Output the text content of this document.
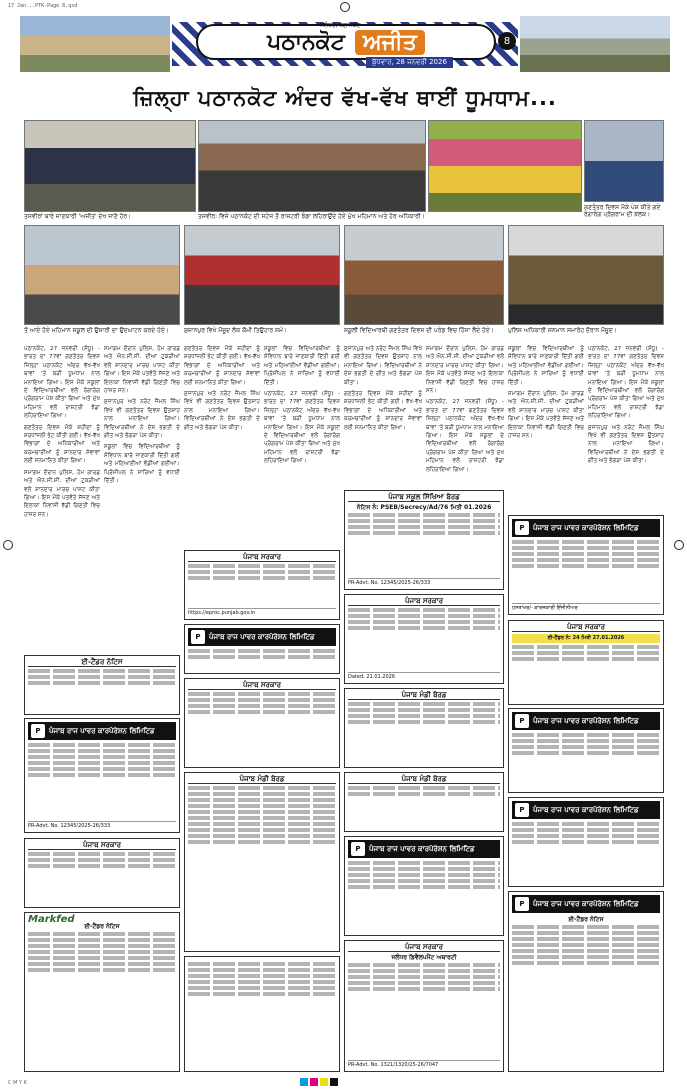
17 Jan...PTK-Page 8.qxd
ਪਠਾਨਕੋਟ ਅਜੀਤ
ਜਲੰਧਰ, ਪਠਾਨਕੋਟ
ਬੁੱਧਵਾਰ, 28 ਜਨਵਰੀ 2026
8
ਜ਼ਿਲ੍ਹਾ ਪਠਾਨਕੋਟ ਅੰਦਰ ਵੱਖ-ਵੱਖ ਥਾਈਂ ਧੂਮਧਾਮ...
ਤਸਵੀਰਾਂ ਬਾਰੇ ਜਾਣਕਾਰੀ 'ਅਜੀਤ' ਦੇਖ ਜਾਣੋ ਹੋਰ।	ਤਸਵੀਰ: ਵਿਜੇ ਪਠਾਨਕੋਟ ਦੀ ਸਟੇਜ ਤੋਂ ਰਾਸ਼ਟਰੀ ਝੰਡਾ ਲਹਿਰਾਉਂਦੇ ਹੋਏ ਮੁੱਖ ਮਹਿਮਾਨ ਅਤੇ ਹੋਰ ਅਧਿਕਾਰੀ।
ਗਣਤੰਤਰ ਦਿਵਸ ਮੌਕੇ ਪੇਸ਼ ਕੀਤੇ ਗਏ ਰੰਗਾਰੰਗ ਪ੍ਰੋਗਰਾਮ ਦੀ ਝਲਕ।
ਤੋਂ ਆਏ ਹੋਏ ਮਹਿਮਾਨ ਸਕੂਲ ਦੀ ਉਸਾਰੀ ਦਾ ਉਦਘਾਟਨ ਕਰਦੇ ਹੋਏ।	ਸੁਜਾਨਪੁਰ ਵਿਖੇ ਮੌਜੂਦ ਲੋਕ ਕੌਮੀ ਤਿਉਹਾਰ ਸਮੇਂ।	ਸਕੂਲੀ ਵਿਦਿਆਰਥੀ ਗਣਤੰਤਰ ਦਿਵਸ ਦੀ ਪਰੇਡ ਵਿਚ ਹਿੱਸਾ ਲੈਂਦੇ ਹੋਏ।	ਪੁਲਿਸ ਅਧਿਕਾਰੀ ਸਨਮਾਨ ਸਮਾਰੋਹ ਦੌਰਾਨ ਮੌਜੂਦ।

ਪਠਾਨਕੋਟ, 27 ਜਨਵਰੀ (ਸੰਧੂ) - ਭਾਰਤ ਦਾ 77ਵਾਂ ਗਣਤੰਤਰ ਦਿਵਸ ਜ਼ਿਲ੍ਹਾ ਪਠਾਨਕੋਟ ਅੰਦਰ ਵੱਖ-ਵੱਖ ਥਾਵਾਂ 'ਤੇ ਬੜੀ ਧੂਮਧਾਮ ਨਾਲ ਮਨਾਇਆ ਗਿਆ। ਇਸ ਮੌਕੇ ਸਕੂਲਾਂ ਦੇ ਵਿਦਿਆਰਥੀਆਂ ਵਲੋਂ ਰੰਗਾਰੰਗ ਪ੍ਰੋਗਰਾਮ ਪੇਸ਼ ਕੀਤਾ ਗਿਆ ਅਤੇ ਮੁੱਖ ਮਹਿਮਾਨ ਵਲੋਂ ਰਾਸ਼ਟਰੀ ਝੰਡਾ ਲਹਿਰਾਇਆ ਗਿਆ।

ਗਣਤੰਤਰ ਦਿਵਸ ਮੌਕੇ ਸ਼ਹੀਦਾਂ ਨੂੰ ਸ਼ਰਧਾਂਜਲੀ ਭੇਟ ਕੀਤੀ ਗਈ। ਵੱਖ-ਵੱਖ ਵਿਭਾਗਾਂ ਦੇ ਅਧਿਕਾਰੀਆਂ ਅਤੇ ਕਰਮਚਾਰੀਆਂ ਨੂੰ ਸ਼ਾਨਦਾਰ ਸੇਵਾਵਾਂ ਲਈ ਸਨਮਾਨਿਤ ਕੀਤਾ ਗਿਆ।

ਸਮਾਗਮ ਦੌਰਾਨ ਪੁਲਿਸ, ਹੋਮ ਗਾਰਡ ਅਤੇ ਐਨ.ਸੀ.ਸੀ. ਦੀਆਂ ਟੁਕੜੀਆਂ ਵਲੋਂ ਸ਼ਾਨਦਾਰ ਮਾਰਚ ਪਾਸਟ ਕੀਤਾ ਗਿਆ। ਇਸ ਮੌਕੇ ਪਤਵੰਤੇ ਸੱਜਣ ਅਤੇ ਇਲਾਕਾ ਨਿਵਾਸੀ ਵੱਡੀ ਗਿਣਤੀ ਵਿਚ ਹਾਜ਼ਰ ਸਨ।

ਸਮਾਗਮ ਦੌਰਾਨ ਪੁਲਿਸ, ਹੋਮ ਗਾਰਡ ਅਤੇ ਐਨ.ਸੀ.ਸੀ. ਦੀਆਂ ਟੁਕੜੀਆਂ ਵਲੋਂ ਸ਼ਾਨਦਾਰ ਮਾਰਚ ਪਾਸਟ ਕੀਤਾ ਗਿਆ। ਇਸ ਮੌਕੇ ਪਤਵੰਤੇ ਸੱਜਣ ਅਤੇ ਇਲਾਕਾ ਨਿਵਾਸੀ ਵੱਡੀ ਗਿਣਤੀ ਵਿਚ ਹਾਜ਼ਰ ਸਨ।

ਸੁਜਾਨਪੁਰ ਅਤੇ ਨਰੋਟ ਜੈਮਲ ਸਿੰਘ ਵਿਖੇ ਵੀ ਗਣਤੰਤਰ ਦਿਵਸ ਉਤਸ਼ਾਹ ਨਾਲ ਮਨਾਇਆ ਗਿਆ। ਵਿਦਿਆਰਥੀਆਂ ਨੇ ਦੇਸ਼ ਭਗਤੀ ਦੇ ਗੀਤ ਅਤੇ ਭੰਗੜਾ ਪੇਸ਼ ਕੀਤਾ।

ਸਕੂਲਾਂ ਵਿਚ ਵਿਦਿਆਰਥੀਆਂ ਨੂੰ ਸੰਵਿਧਾਨ ਬਾਰੇ ਜਾਣਕਾਰੀ ਦਿੱਤੀ ਗਈ ਅਤੇ ਮਠਿਆਈਆਂ ਵੰਡੀਆਂ ਗਈਆਂ। ਪ੍ਰਿੰਸੀਪਲ ਨੇ ਸਾਰਿਆਂ ਨੂੰ ਵਧਾਈ ਦਿੱਤੀ।

ਗਣਤੰਤਰ ਦਿਵਸ ਮੌਕੇ ਸ਼ਹੀਦਾਂ ਨੂੰ ਸ਼ਰਧਾਂਜਲੀ ਭੇਟ ਕੀਤੀ ਗਈ। ਵੱਖ-ਵੱਖ ਵਿਭਾਗਾਂ ਦੇ ਅਧਿਕਾਰੀਆਂ ਅਤੇ ਕਰਮਚਾਰੀਆਂ ਨੂੰ ਸ਼ਾਨਦਾਰ ਸੇਵਾਵਾਂ ਲਈ ਸਨਮਾਨਿਤ ਕੀਤਾ ਗਿਆ।

ਸੁਜਾਨਪੁਰ ਅਤੇ ਨਰੋਟ ਜੈਮਲ ਸਿੰਘ ਵਿਖੇ ਵੀ ਗਣਤੰਤਰ ਦਿਵਸ ਉਤਸ਼ਾਹ ਨਾਲ ਮਨਾਇਆ ਗਿਆ। ਵਿਦਿਆਰਥੀਆਂ ਨੇ ਦੇਸ਼ ਭਗਤੀ ਦੇ ਗੀਤ ਅਤੇ ਭੰਗੜਾ ਪੇਸ਼ ਕੀਤਾ।

ਸਕੂਲਾਂ ਵਿਚ ਵਿਦਿਆਰਥੀਆਂ ਨੂੰ ਸੰਵਿਧਾਨ ਬਾਰੇ ਜਾਣਕਾਰੀ ਦਿੱਤੀ ਗਈ ਅਤੇ ਮਠਿਆਈਆਂ ਵੰਡੀਆਂ ਗਈਆਂ। ਪ੍ਰਿੰਸੀਪਲ ਨੇ ਸਾਰਿਆਂ ਨੂੰ ਵਧਾਈ ਦਿੱਤੀ।

ਪਠਾਨਕੋਟ, 27 ਜਨਵਰੀ (ਸੰਧੂ) - ਭਾਰਤ ਦਾ 77ਵਾਂ ਗਣਤੰਤਰ ਦਿਵਸ ਜ਼ਿਲ੍ਹਾ ਪਠਾਨਕੋਟ ਅੰਦਰ ਵੱਖ-ਵੱਖ ਥਾਵਾਂ 'ਤੇ ਬੜੀ ਧੂਮਧਾਮ ਨਾਲ ਮਨਾਇਆ ਗਿਆ। ਇਸ ਮੌਕੇ ਸਕੂਲਾਂ ਦੇ ਵਿਦਿਆਰਥੀਆਂ ਵਲੋਂ ਰੰਗਾਰੰਗ ਪ੍ਰੋਗਰਾਮ ਪੇਸ਼ ਕੀਤਾ ਗਿਆ ਅਤੇ ਮੁੱਖ ਮਹਿਮਾਨ ਵਲੋਂ ਰਾਸ਼ਟਰੀ ਝੰਡਾ ਲਹਿਰਾਇਆ ਗਿਆ।

ਸੁਜਾਨਪੁਰ ਅਤੇ ਨਰੋਟ ਜੈਮਲ ਸਿੰਘ ਵਿਖੇ ਵੀ ਗਣਤੰਤਰ ਦਿਵਸ ਉਤਸ਼ਾਹ ਨਾਲ ਮਨਾਇਆ ਗਿਆ। ਵਿਦਿਆਰਥੀਆਂ ਨੇ ਦੇਸ਼ ਭਗਤੀ ਦੇ ਗੀਤ ਅਤੇ ਭੰਗੜਾ ਪੇਸ਼ ਕੀਤਾ।

ਗਣਤੰਤਰ ਦਿਵਸ ਮੌਕੇ ਸ਼ਹੀਦਾਂ ਨੂੰ ਸ਼ਰਧਾਂਜਲੀ ਭੇਟ ਕੀਤੀ ਗਈ। ਵੱਖ-ਵੱਖ ਵਿਭਾਗਾਂ ਦੇ ਅਧਿਕਾਰੀਆਂ ਅਤੇ ਕਰਮਚਾਰੀਆਂ ਨੂੰ ਸ਼ਾਨਦਾਰ ਸੇਵਾਵਾਂ ਲਈ ਸਨਮਾਨਿਤ ਕੀਤਾ ਗਿਆ।

ਸਮਾਗਮ ਦੌਰਾਨ ਪੁਲਿਸ, ਹੋਮ ਗਾਰਡ ਅਤੇ ਐਨ.ਸੀ.ਸੀ. ਦੀਆਂ ਟੁਕੜੀਆਂ ਵਲੋਂ ਸ਼ਾਨਦਾਰ ਮਾਰਚ ਪਾਸਟ ਕੀਤਾ ਗਿਆ। ਇਸ ਮੌਕੇ ਪਤਵੰਤੇ ਸੱਜਣ ਅਤੇ ਇਲਾਕਾ ਨਿਵਾਸੀ ਵੱਡੀ ਗਿਣਤੀ ਵਿਚ ਹਾਜ਼ਰ ਸਨ।

ਪਠਾਨਕੋਟ, 27 ਜਨਵਰੀ (ਸੰਧੂ) - ਭਾਰਤ ਦਾ 77ਵਾਂ ਗਣਤੰਤਰ ਦਿਵਸ ਜ਼ਿਲ੍ਹਾ ਪਠਾਨਕੋਟ ਅੰਦਰ ਵੱਖ-ਵੱਖ ਥਾਵਾਂ 'ਤੇ ਬੜੀ ਧੂਮਧਾਮ ਨਾਲ ਮਨਾਇਆ ਗਿਆ। ਇਸ ਮੌਕੇ ਸਕੂਲਾਂ ਦੇ ਵਿਦਿਆਰਥੀਆਂ ਵਲੋਂ ਰੰਗਾਰੰਗ ਪ੍ਰੋਗਰਾਮ ਪੇਸ਼ ਕੀਤਾ ਗਿਆ ਅਤੇ ਮੁੱਖ ਮਹਿਮਾਨ ਵਲੋਂ ਰਾਸ਼ਟਰੀ ਝੰਡਾ ਲਹਿਰਾਇਆ ਗਿਆ।

ਸਕੂਲਾਂ ਵਿਚ ਵਿਦਿਆਰਥੀਆਂ ਨੂੰ ਸੰਵਿਧਾਨ ਬਾਰੇ ਜਾਣਕਾਰੀ ਦਿੱਤੀ ਗਈ ਅਤੇ ਮਠਿਆਈਆਂ ਵੰਡੀਆਂ ਗਈਆਂ। ਪ੍ਰਿੰਸੀਪਲ ਨੇ ਸਾਰਿਆਂ ਨੂੰ ਵਧਾਈ ਦਿੱਤੀ।

ਸਮਾਗਮ ਦੌਰਾਨ ਪੁਲਿਸ, ਹੋਮ ਗਾਰਡ ਅਤੇ ਐਨ.ਸੀ.ਸੀ. ਦੀਆਂ ਟੁਕੜੀਆਂ ਵਲੋਂ ਸ਼ਾਨਦਾਰ ਮਾਰਚ ਪਾਸਟ ਕੀਤਾ ਗਿਆ। ਇਸ ਮੌਕੇ ਪਤਵੰਤੇ ਸੱਜਣ ਅਤੇ ਇਲਾਕਾ ਨਿਵਾਸੀ ਵੱਡੀ ਗਿਣਤੀ ਵਿਚ ਹਾਜ਼ਰ ਸਨ।

ਪਠਾਨਕੋਟ, 27 ਜਨਵਰੀ (ਸੰਧੂ) - ਭਾਰਤ ਦਾ 77ਵਾਂ ਗਣਤੰਤਰ ਦਿਵਸ ਜ਼ਿਲ੍ਹਾ ਪਠਾਨਕੋਟ ਅੰਦਰ ਵੱਖ-ਵੱਖ ਥਾਵਾਂ 'ਤੇ ਬੜੀ ਧੂਮਧਾਮ ਨਾਲ ਮਨਾਇਆ ਗਿਆ। ਇਸ ਮੌਕੇ ਸਕੂਲਾਂ ਦੇ ਵਿਦਿਆਰਥੀਆਂ ਵਲੋਂ ਰੰਗਾਰੰਗ ਪ੍ਰੋਗਰਾਮ ਪੇਸ਼ ਕੀਤਾ ਗਿਆ ਅਤੇ ਮੁੱਖ ਮਹਿਮਾਨ ਵਲੋਂ ਰਾਸ਼ਟਰੀ ਝੰਡਾ ਲਹਿਰਾਇਆ ਗਿਆ।

ਸੁਜਾਨਪੁਰ ਅਤੇ ਨਰੋਟ ਜੈਮਲ ਸਿੰਘ ਵਿਖੇ ਵੀ ਗਣਤੰਤਰ ਦਿਵਸ ਉਤਸ਼ਾਹ ਨਾਲ ਮਨਾਇਆ ਗਿਆ। ਵਿਦਿਆਰਥੀਆਂ ਨੇ ਦੇਸ਼ ਭਗਤੀ ਦੇ ਗੀਤ ਅਤੇ ਭੰਗੜਾ ਪੇਸ਼ ਕੀਤਾ।

ਪੰਜਾਬ ਸਕੂਲ ਸਿੱਖਿਆ ਬੋਰਡ
ਨੋਟਿਸ ਨੰ: PSEB/Secrecy/Ad/76 ਮਿਤੀ 01.2026
PR-Advt. No. 12345/2025-26/333
P	ਪੰਜਾਬ ਰਾਜ ਪਾਵਰ ਕਾਰਪੋਰੇਸ਼ਨ ਲਿਮਿਟਿਡ
ਹਸਤਾਖਰ/- ਕਾਰਜਕਾਰੀ ਇੰਜੀਨੀਅਰ
ਪੰਜਾਬ ਸਰਕਾਰ
https://eproc.punjab.gov.in
P	ਪੰਜਾਬ ਰਾਜ ਪਾਵਰ ਕਾਰਪੋਰੇਸ਼ਨ ਲਿਮਿਟਿਡ
ਪੰਜਾਬ ਸਰਕਾਰ
Dated: 21.01.2026
ਪੰਜਾਬ ਸਰਕਾਰ
ਈ-ਟੈਂਡਰ ਨੰ: 24 ਮਿਤੀ 27.01.2026
ਈ-ਟੈਂਡਰ ਨੋਟਿਸ
P	ਪੰਜਾਬ ਰਾਜ ਪਾਵਰ ਕਾਰਪੋਰੇਸ਼ਨ ਲਿਮਿਟਿਡ
PR-Advt. No. 12345/2025-26/333
ਪੰਜਾਬ ਸਰਕਾਰ
ਪੰਜਾਬ ਮੰਡੀ ਬੋਰਡ
P	ਪੰਜਾਬ ਰਾਜ ਪਾਵਰ ਕਾਰਪੋਰੇਸ਼ਨ ਲਿਮਿਟਿਡ
ਪੰਜਾਬ ਸਰਕਾਰ
ਪੰਜਾਬ ਮੰਡੀ ਬੋਰਡ	ਪੰਜਾਬ ਮੰਡੀ ਬੋਰਡ
P	ਪੰਜਾਬ ਰਾਜ ਪਾਵਰ ਕਾਰਪੋਰੇਸ਼ਨ ਲਿਮਿਟਿਡ
P	ਪੰਜਾਬ ਰਾਜ ਪਾਵਰ ਕਾਰਪੋਰੇਸ਼ਨ ਲਿਮਿਟਿਡ
Markfed
ਈ-ਟੈਂਡਰ ਨੋਟਿਸ
ਪੰਜਾਬ ਸਰਕਾਰ
ਜਲੰਧਰ ਡਿਵੈਲਪਮੈਂਟ ਅਥਾਰਟੀ
PR-Advt. No. 1321/1320/25-26/7047
P	ਪੰਜਾਬ ਰਾਜ ਪਾਵਰ ਕਾਰਪੋਰੇਸ਼ਨ ਲਿਮਿਟਿਡ
ਈ-ਟੈਂਡਰ ਨੋਟਿਸ
C M Y K
